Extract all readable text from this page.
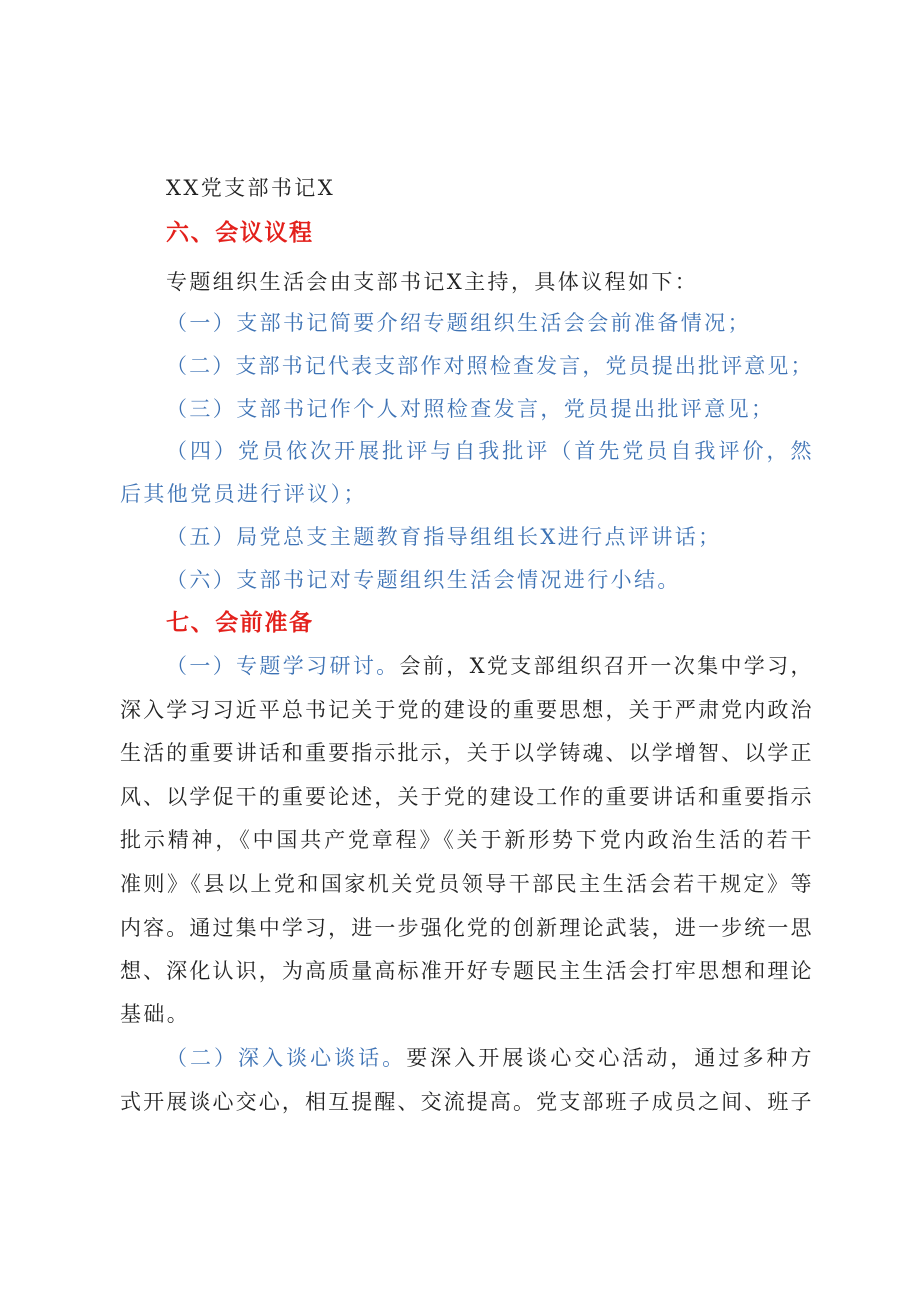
XX党支部书记X
六、会议议程
专题组织生活会由支部书记X主持，具体议程如下：
（一）支部书记简要介绍专题组织生活会会前准备情况；
（二）支部书记代表支部作对照检查发言，党员提出批评意见；
（三）支部书记作个人对照检查发言，党员提出批评意见；
（四）党员依次开展批评与自我批评（首先党员自我评价，然
后其他党员进行评议）；
（五）局党总支主题教育指导组组长X进行点评讲话；
（六）支部书记对专题组织生活会情况进行小结。
七、会前准备
（一）专题学习研讨。会前，X党支部组织召开一次集中学习，
深入学习习近平总书记关于党的建设的重要思想，关于严肃党内政治
生活的重要讲话和重要指示批示，关于以学铸魂、以学增智、以学正
风、以学促干的重要论述，关于党的建设工作的重要讲话和重要指示
批示精神，《中国共产党章程》《关于新形势下党内政治生活的若干
准则》《县以上党和国家机关党员领导干部民主生活会若干规定》等
内容。通过集中学习，进一步强化党的创新理论武装，进一步统一思
想、深化认识，为高质量高标准开好专题民主生活会打牢思想和理论
基础。
（二）深入谈心谈话。要深入开展谈心交心活动，通过多种方
式开展谈心交心，相互提醒、交流提高。党支部班子成员之间、班子
